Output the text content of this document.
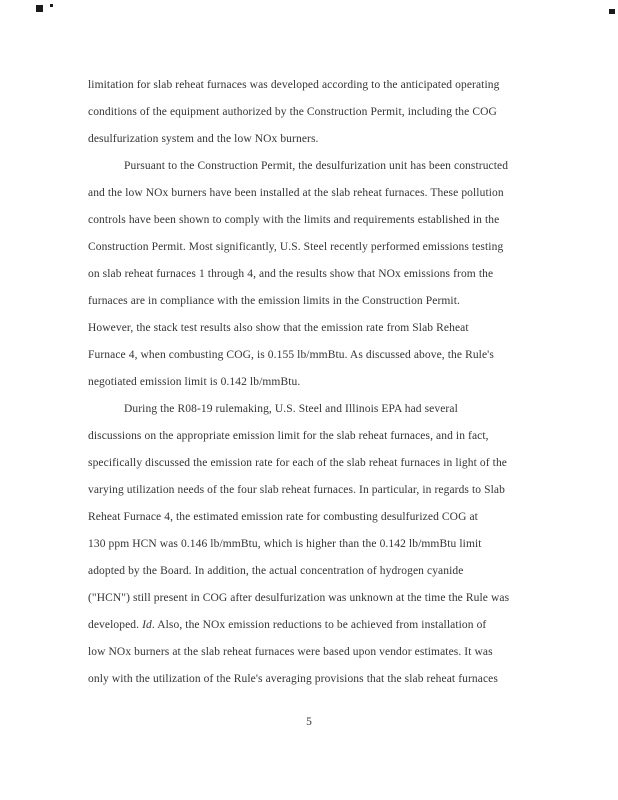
limitation for slab reheat furnaces was developed according to the anticipated operating
conditions of the equipment authorized by the Construction Permit, including the COG
desulfurization system and the low NOx burners.
Pursuant to the Construction Permit, the desulfurization unit has been constructed
and the low NOx burners have been installed at the slab reheat furnaces. These pollution
controls have been shown to comply with the limits and requirements established in the
Construction Permit. Most significantly, U.S. Steel recently performed emissions testing
on slab reheat furnaces 1 through 4, and the results show that NOx emissions from the
furnaces are in compliance with the emission limits in the Construction Permit.
However, the stack test results also show that the emission rate from Slab Reheat
Furnace 4, when combusting COG, is 0.155 lb/mmBtu. As discussed above, the Rule's
negotiated emission limit is 0.142 lb/mmBtu.
During the R08-19 rulemaking, U.S. Steel and Illinois EPA had several
discussions on the appropriate emission limit for the slab reheat furnaces, and in fact,
specifically discussed the emission rate for each of the slab reheat furnaces in light of the
varying utilization needs of the four slab reheat furnaces. In particular, in regards to Slab
Reheat Furnace 4, the estimated emission rate for combusting desulfurized COG at
130 ppm HCN was 0.146 lb/mmBtu, which is higher than the 0.142 lb/mmBtu limit
adopted by the Board. In addition, the actual concentration of hydrogen cyanide
("HCN") still present in COG after desulfurization was unknown at the time the Rule was
developed. Id. Also, the NOx emission reductions to be achieved from installation of
low NOx burners at the slab reheat furnaces were based upon vendor estimates. It was
only with the utilization of the Rule's averaging provisions that the slab reheat furnaces
5
